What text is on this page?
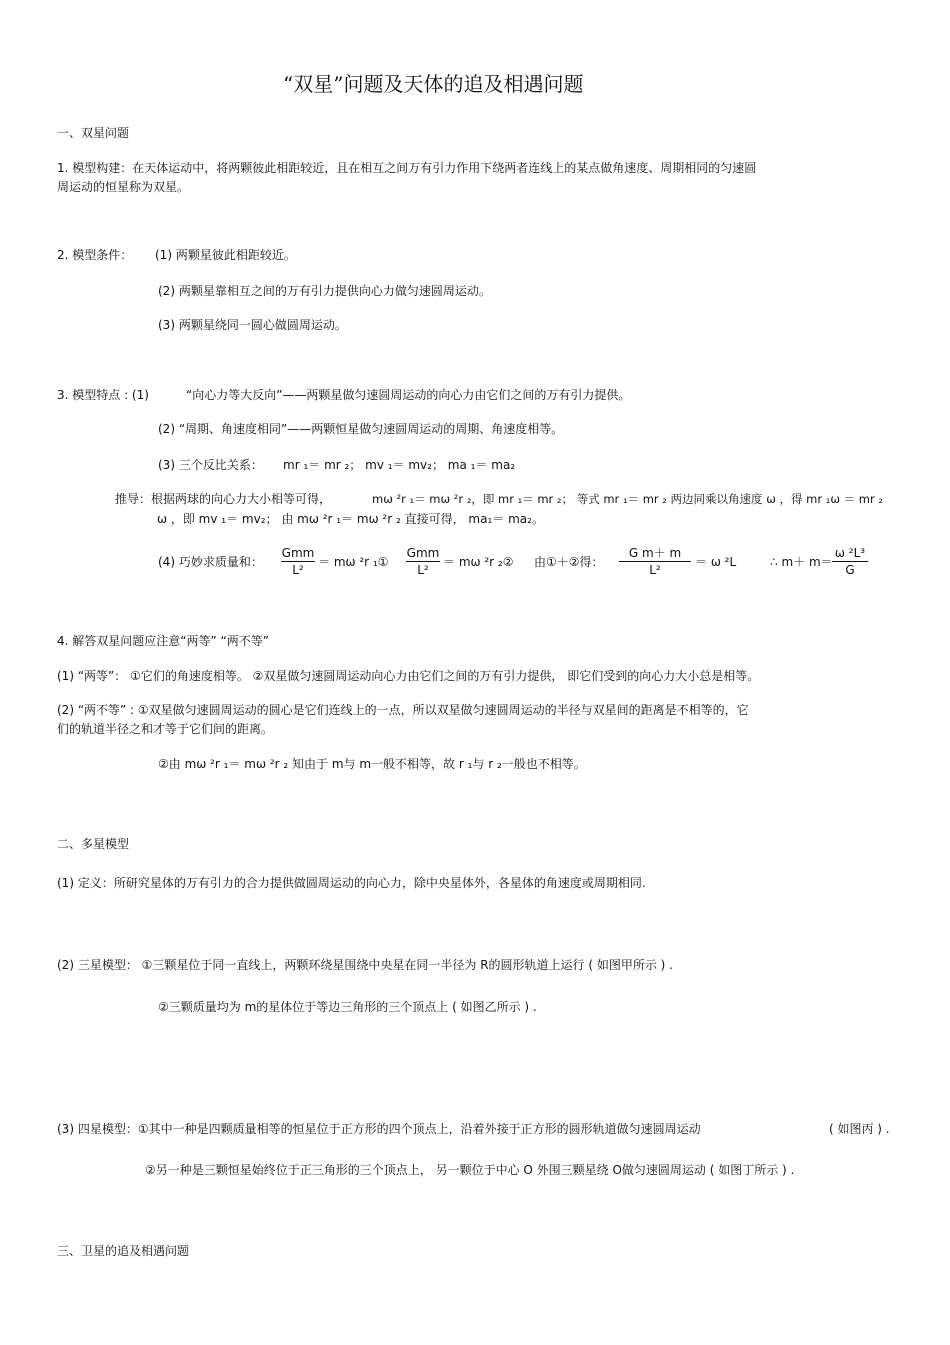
“双星”问题及天体的追及相遇问题
一、双星问题
1. 模型构建：在天体运动中，将两颗彼此相距较近，且在相互之间万有引力作用下绕两者连线上的某点做角速度、周期相同的匀速圆
周运动的恒星称为双星。
2. 模型条件： (1) 两颗星彼此相距较近。
(2) 两颗星靠相互之间的万有引力提供向心力做匀速圆周运动。
(3) 两颗星绕同一圆心做圆周运动。
3. 模型特点 : (1)	“向心力等大反向”——两颗星做匀速圆周运动的向心力由它们之间的万有引力提供。
(2) “周期、角速度相同”——两颗恒星做匀速圆周运动的周期、角速度相等。
(3) 三个反比关系： mr ₁＝ mr ₂； mv ₁＝ mv₂； ma ₁＝ ma₂
推导：根据两球的向心力大小相等可得，	mω ²r ₁＝ mω ²r ₂，即 mr ₁＝ mr ₂； 等式 mr ₁＝ mr ₂ 两边同乘以角速度 ω ，得 mr ₁ω ＝ mr ₂
ω ，即 mv ₁＝ mv₂； 由 mω ²r ₁＝ mω ²r ₂ 直接可得， ma₁＝ ma₂。
(4) 巧妙求质量和：
Gmm
L²
＝ mω ²r ₁①
Gmm
L²
＝ mω ²r ₂② 由①＋②得：
G m＋ m
L²
＝ ω ²L	∴ m＋ m＝
ω ²L³
G
4. 解答双星问题应注意“两等” “两不等”
(1) “两等”： ①它们的角速度相等。 ②双星做匀速圆周运动向心力由它们之间的万有引力提供， 即它们受到的向心力大小总是相等。
(2) “两不等” : ①双星做匀速圆周运动的圆心是它们连线上的一点，所以双星做匀速圆周运动的半径与双星间的距离是不相等的，它
们的轨道半径之和才等于它们间的距离。
②由 mω ²r ₁＝ mω ²r ₂ 知由于 m与 m一般不相等，故 r ₁与 r ₂一般也不相等。
二、多星模型
(1) 定义：所研究星体的万有引力的合力提供做圆周运动的向心力，除中央星体外，各星体的角速度或周期相同.
(2) 三星模型： ①三颗星位于同一直线上，两颗环绕星围绕中央星在同一半径为 R的圆形轨道上运行 ( 如图甲所示 ) .
②三颗质量均为 m的星体位于等边三角形的三个顶点上 ( 如图乙所示 ) .
(3) 四星模型：①其中一种是四颗质量相等的恒星位于正方形的四个顶点上，沿着外接于正方形的圆形轨道做匀速圆周运动	( 如图丙 ) .
②另一种是三颗恒星始终位于正三角形的三个顶点上， 另一颗位于中心 O 外围三颗星绕 O做匀速圆周运动 ( 如图丁所示 ) .
三、卫星的追及相遇问题
